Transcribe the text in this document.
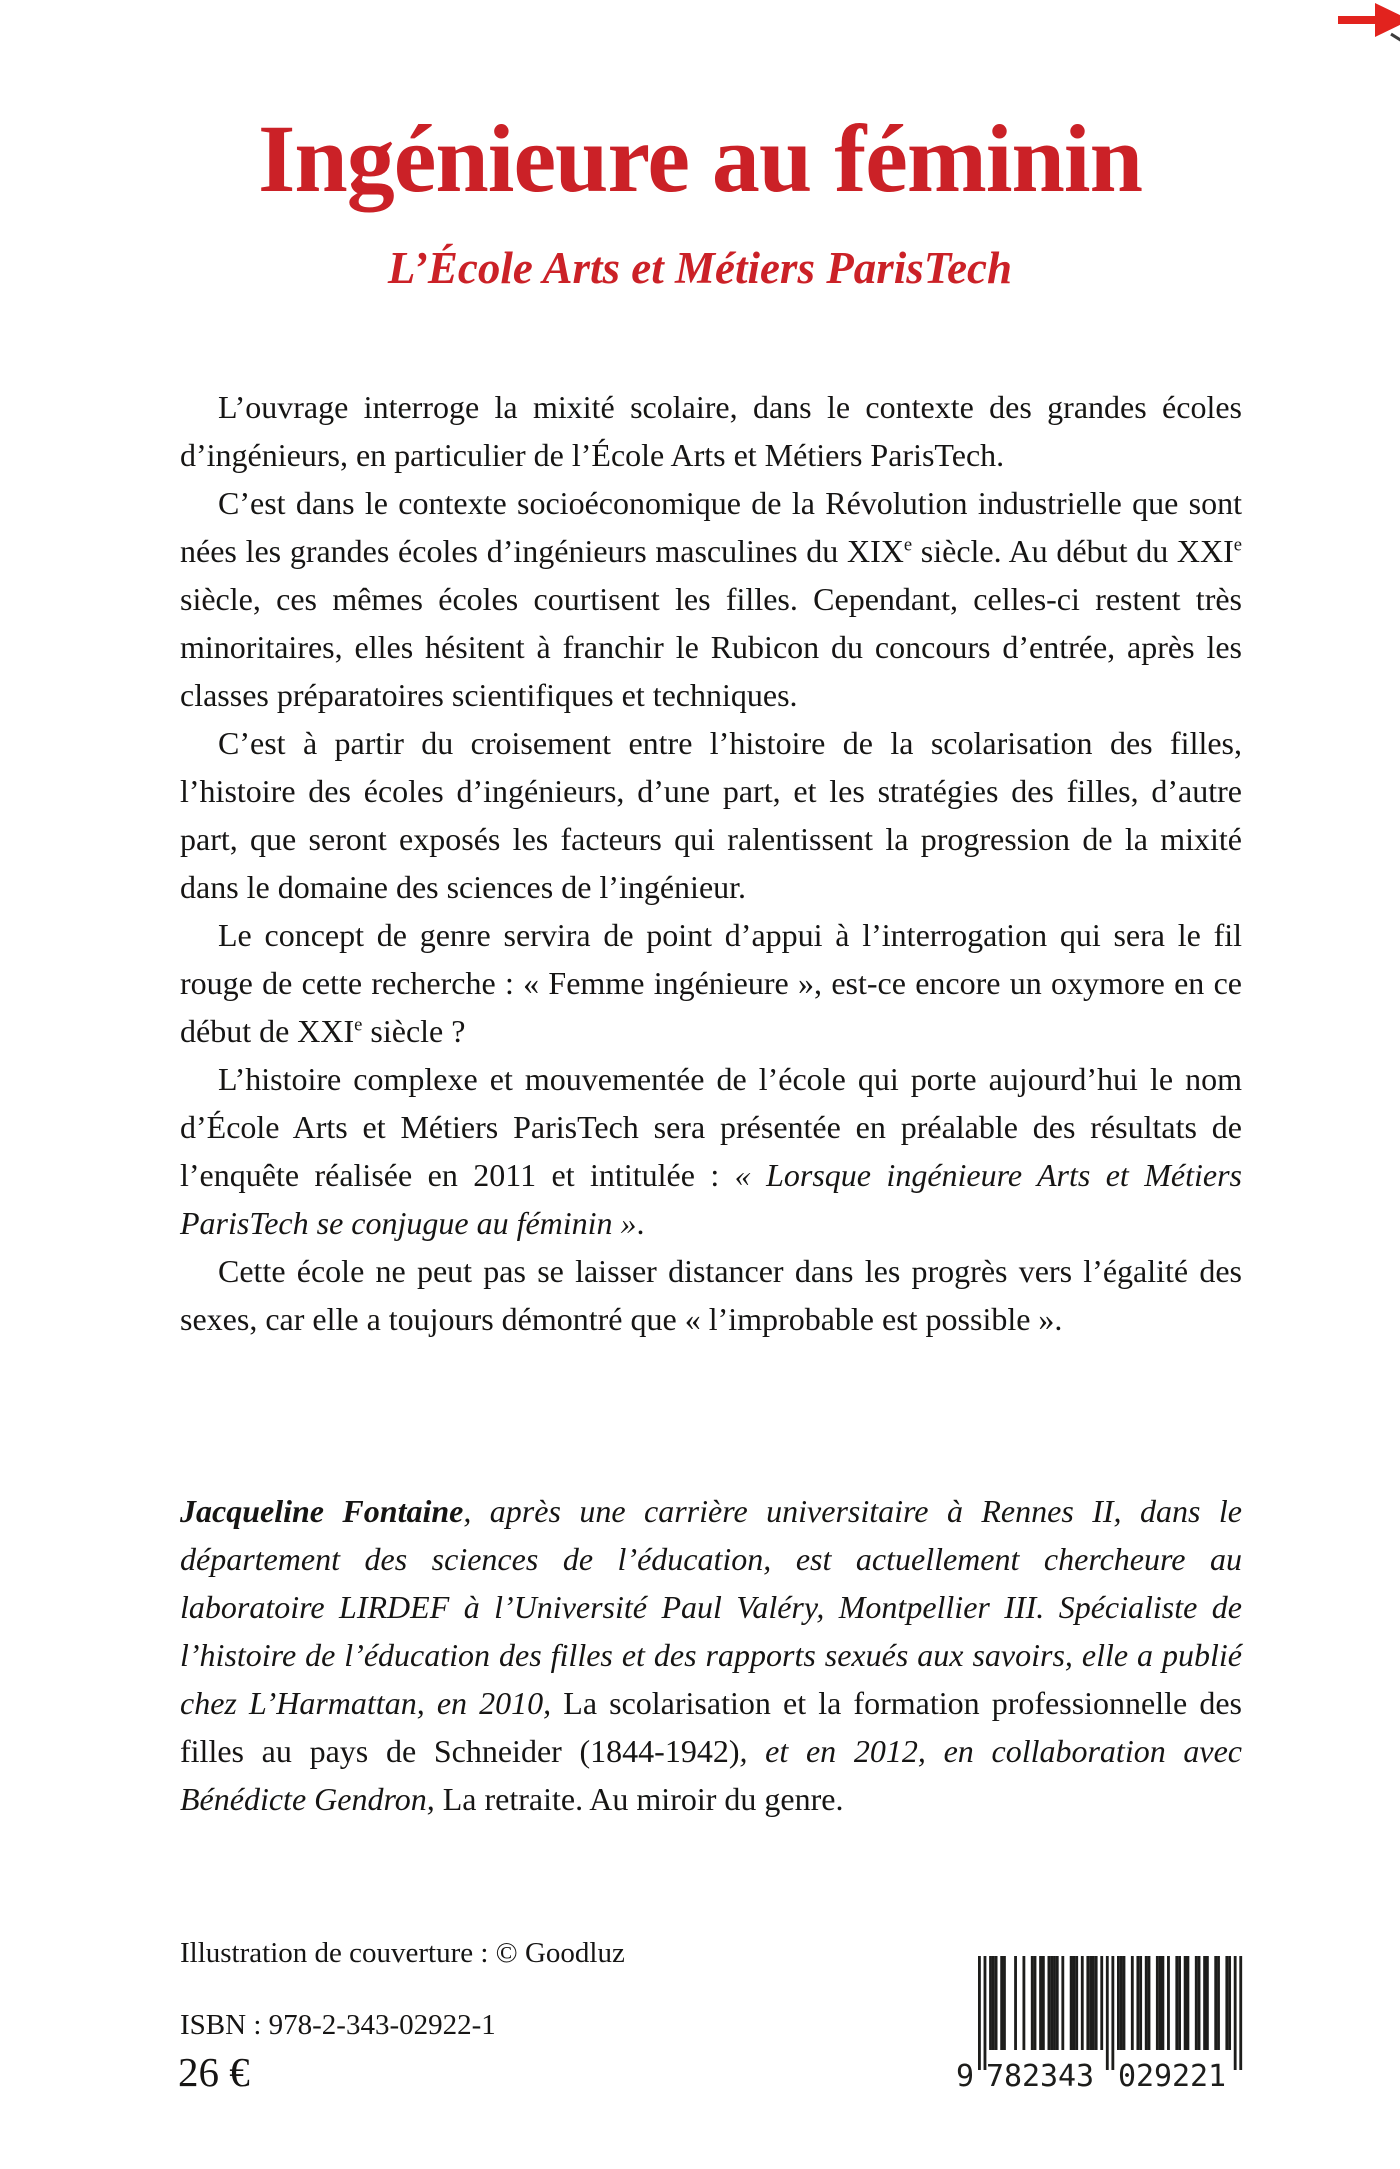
Ingénieure au féminin
L’École Arts et Métiers ParisTech

L’ouvrage interroge la mixité scolaire, dans le contexte des grandes écoles d’ingénieurs, en particulier de l’École Arts et Métiers ParisTech.

C’est dans le contexte socioéconomique de la Révolution industrielle que sont nées les grandes écoles d’ingénieurs masculines du XIXe siècle. Au début du XXIe siècle, ces mêmes écoles courtisent les filles. Cependant, celles-ci restent très minoritaires, elles hésitent à franchir le Rubicon du concours d’entrée, après les classes préparatoires scientifiques et techniques.

C’est à partir du croisement entre l’histoire de la scolarisation des filles, l’histoire des écoles d’ingénieurs, d’une part, et les stratégies des filles, d’autre part, que seront exposés les facteurs qui ralentissent la progression de la mixité dans le domaine des sciences de l’ingénieur.

Le concept de genre servira de point d’appui à l’interrogation qui sera le fil rouge de cette recherche : « Femme ingénieure », est-ce encore un oxymore en ce début de XXIe siècle ?

L’histoire complexe et mouvementée de l’école qui porte aujourd’hui le nom d’École Arts et Métiers ParisTech sera présentée en préalable des résultats de l’enquête réalisée en 2011 et intitulée : « Lorsque ingénieure Arts et Métiers ParisTech se conjugue au féminin ».

Cette école ne peut pas se laisser distancer dans les progrès vers l’égalité des sexes, car elle a toujours démontré que « l’improbable est possible ».

Jacqueline Fontaine, après une carrière universitaire à Rennes II, dans le département des sciences de l’éducation, est actuellement chercheure au laboratoire LIRDEF à l’Université Paul Valéry, Montpellier III. Spécialiste de l’histoire de l’éducation des filles et des rapports sexués aux savoirs, elle a publié chez L’Harmattan, en 2010, La scolarisation et la formation professionnelle des filles au pays de Schneider (1844-1942), et en 2012, en collaboration avec Bénédicte Gendron, La retraite. Au miroir du genre.
Illustration de couverture : © Goodluz
ISBN : 978-2-343-02922-1
26 €	9 782343 029221
